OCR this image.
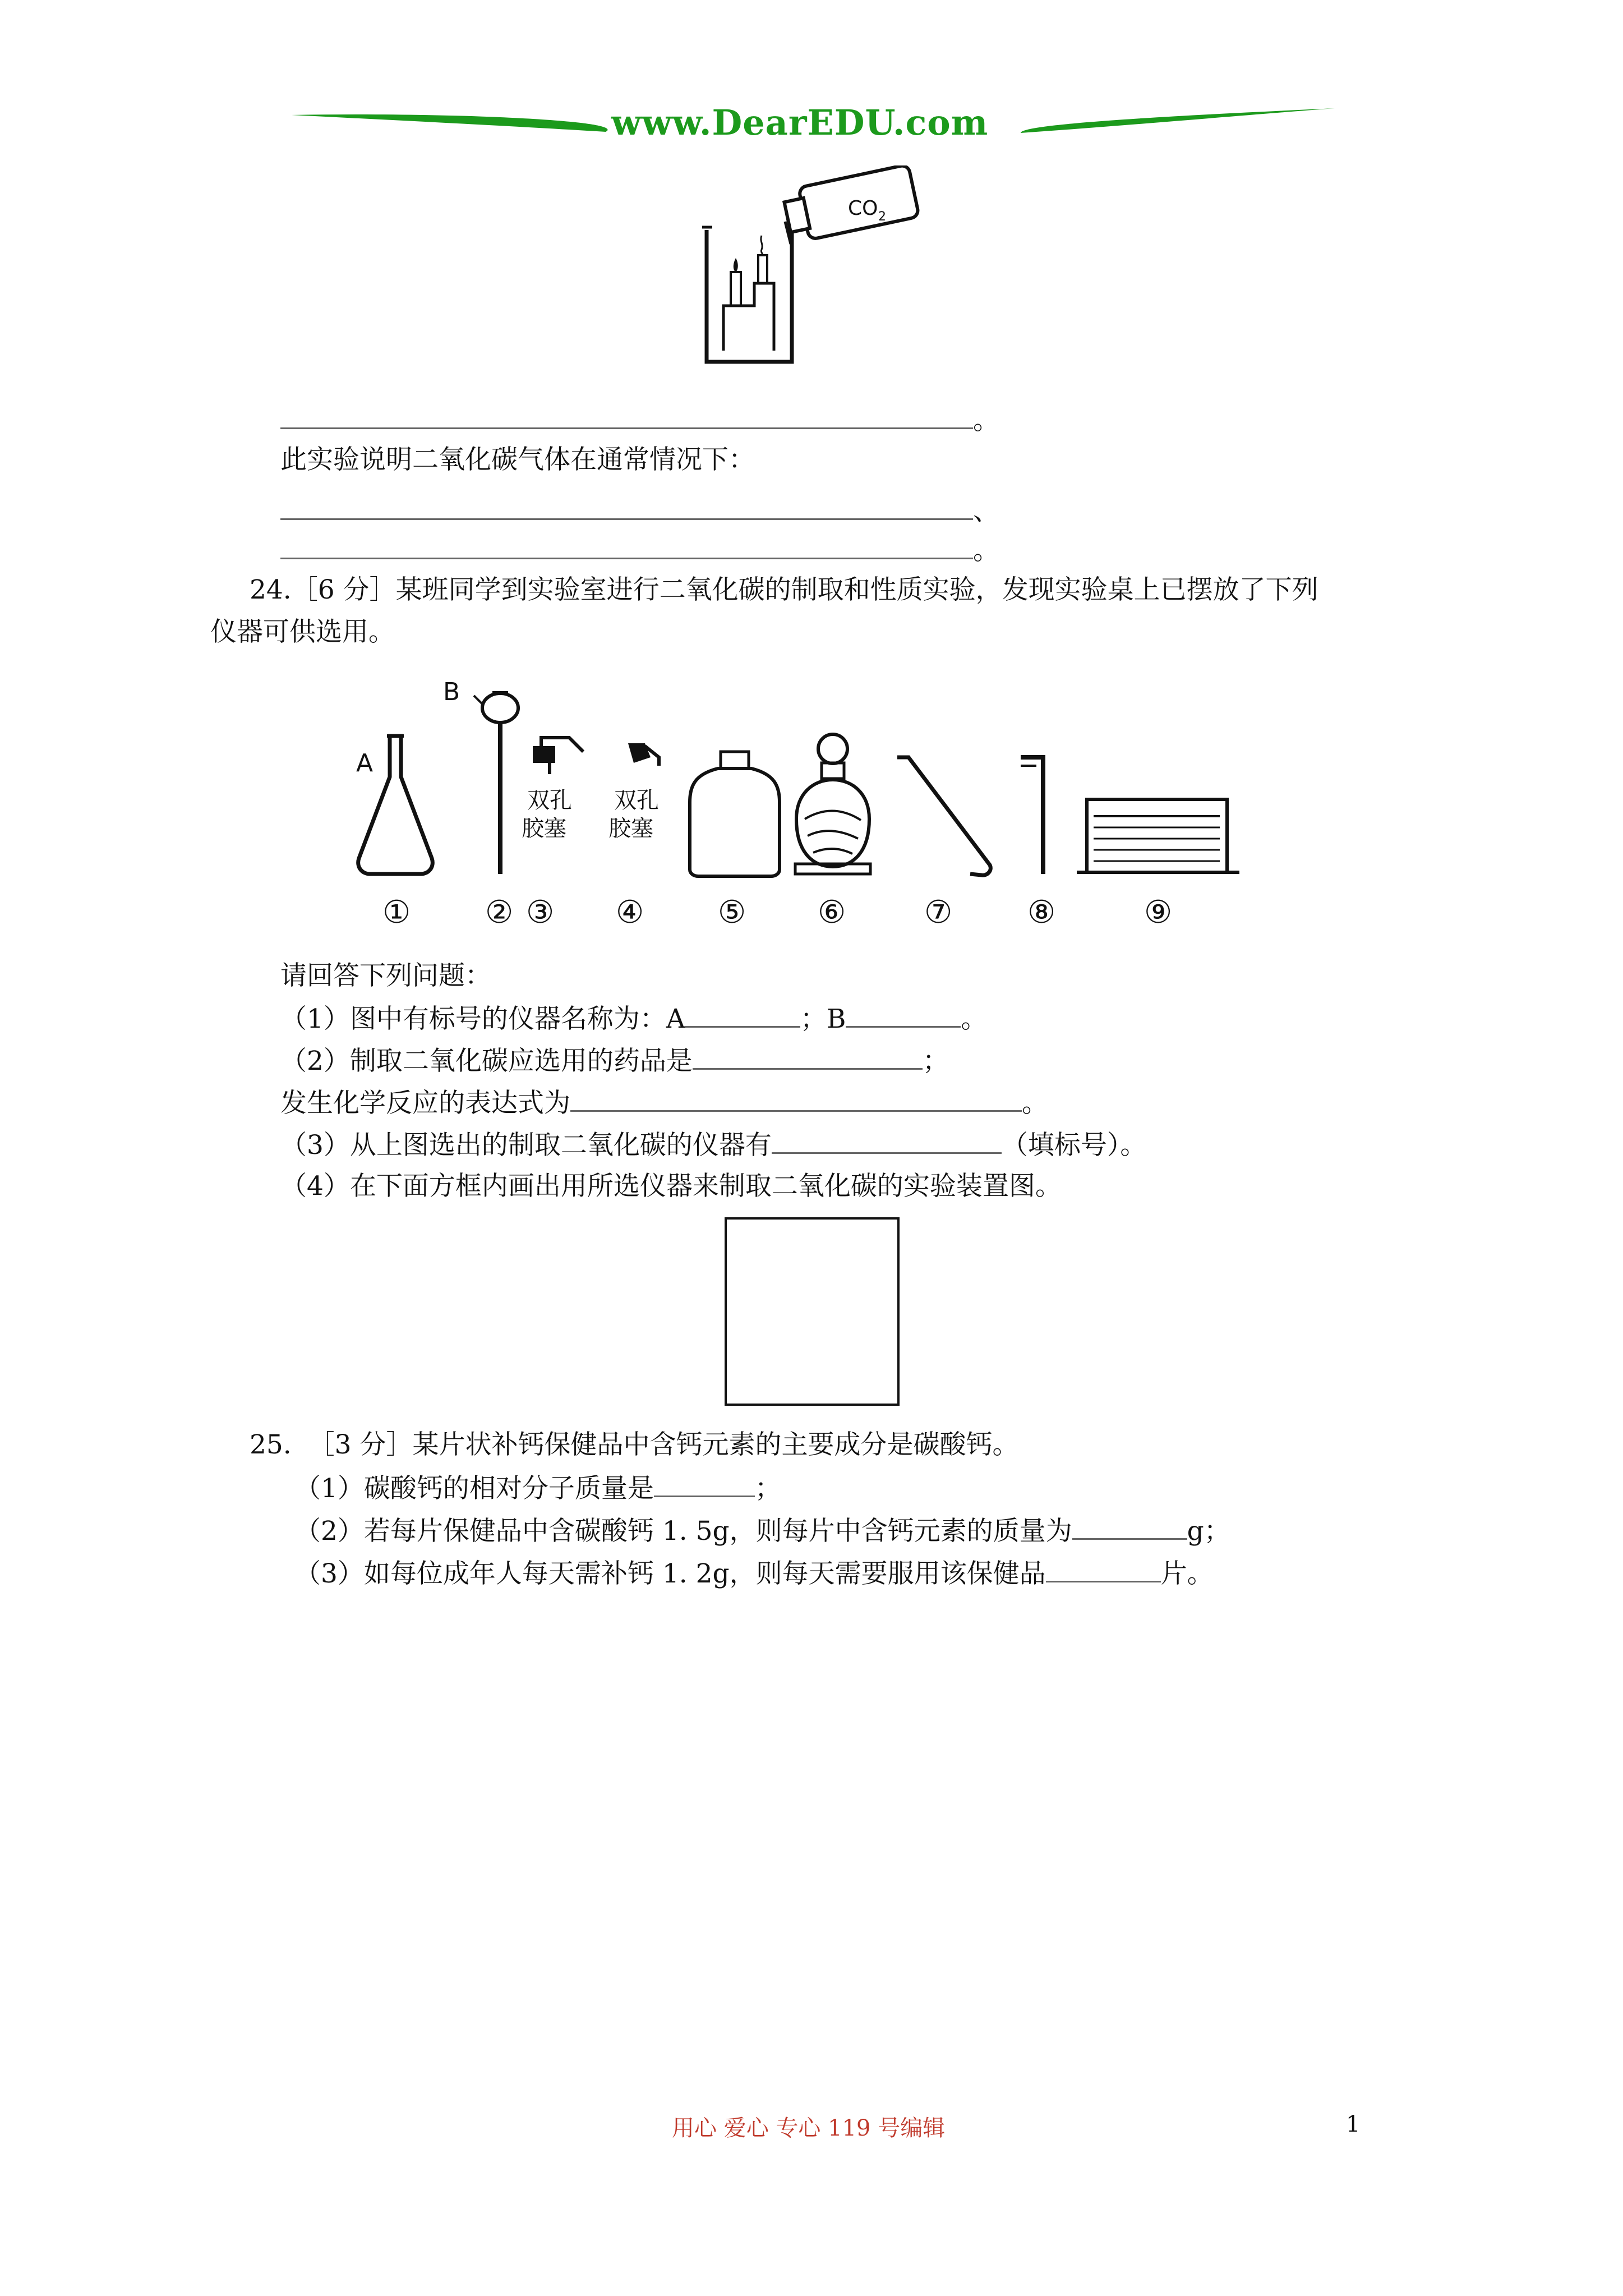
www.DearEDU.com
CO 2
。
此实验说明二氧化碳气体在通常情况下：
、
。
24.［6 分］某班同学到实验室进行二氧化碳的制取和性质实验，发现实验桌上已摆放了下列
仪器可供选用。
A
B
双孔
胶塞
双孔
胶塞
① ② ③ ④ ⑤ ⑥ ⑦ ⑧	⑨
请回答下列问题：
（1）图中有标号的仪器名称为：A	；B	。
（2）制取二氧化碳应选用的药品是	；
发生化学反应的表达式为	。
（3）从上图选出的制取二氧化碳的仪器有	（填标号）。
（4）在下面方框内画出用所选仪器来制取二氧化碳的实验装置图。
25. ［3 分］某片状补钙保健品中含钙元素的主要成分是碳酸钙。
（1）碳酸钙的相对分子质量是	；
（2）若每片保健品中含碳酸钙 1. 5g，则每片中含钙元素的质量为	g；
（3）如每位成年人每天需补钙 1. 2g，则每天需要服用该保健品	片。
用心 爱心 专心 119 号编辑	1
